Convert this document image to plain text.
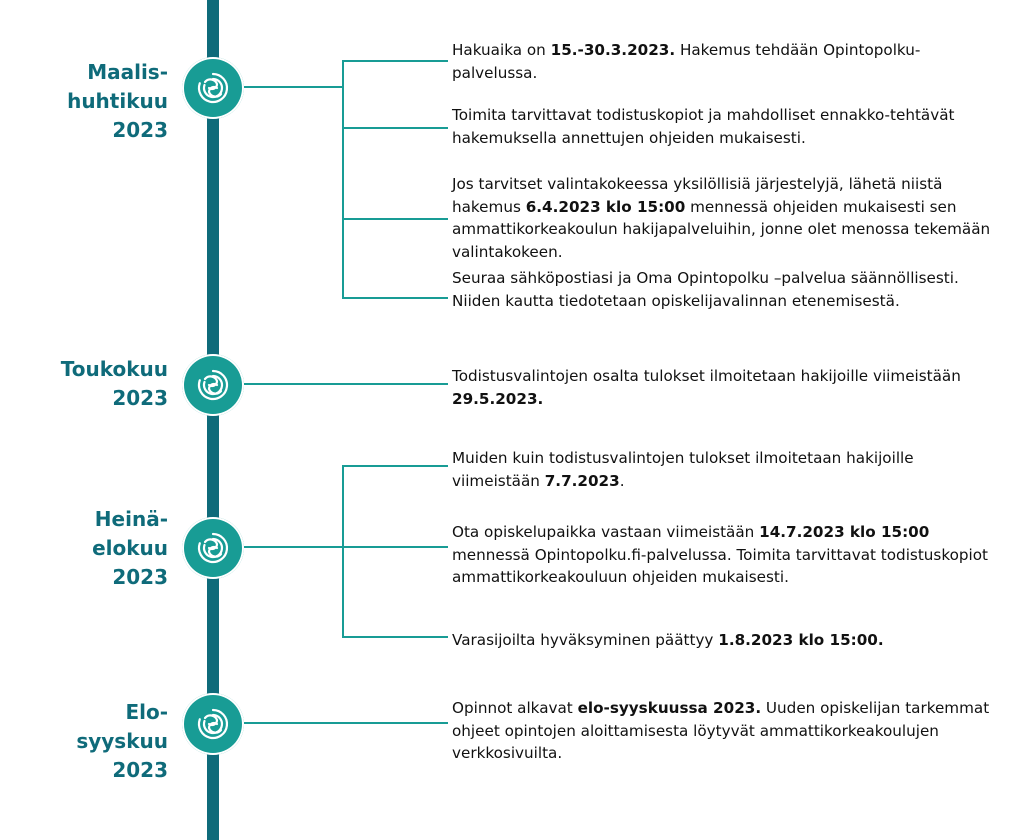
Maalis-
huhtikuu
2023
Hakuaika on 15.-30.3.2023. Hakemus tehdään Opintopolku-palvelussa.
Toimita tarvittavat todistuskopiot ja mahdolliset ennakko-tehtävät hakemuksella annettujen ohjeiden mukaisesti.
Jos tarvitset valintakokeessa yksilöllisiä järjestelyjä, lähetä niistä hakemus 6.4.2023 klo 15:00 mennessä ohjeiden mukaisesti sen ammattikorkeakoulun hakijapalveluihin, jonne olet menossa tekemään valintakokeen.
Seuraa sähköpostiasi ja Oma Opintopolku –palvelua säännöllisesti. Niiden kautta tiedotetaan opiskelijavalinnan etenemisestä.
Toukokuu
2023
Todistusvalintojen osalta tulokset ilmoitetaan hakijoille viimeistään 29.5.2023.
Heinä-
elokuu
2023
Muiden kuin todistusvalintojen tulokset ilmoitetaan hakijoille viimeistään 7.7.2023.
Ota opiskelupaikka vastaan viimeistään 14.7.2023 klo 15:00 mennessä Opintopolku.fi-palvelussa. Toimita tarvittavat todistuskopiot ammattikorkeakouluun ohjeiden mukaisesti.
Varasijoilta hyväksyminen päättyy 1.8.2023 klo 15:00.
Elo-
syyskuu
2023
Opinnot alkavat elo-syyskuussa 2023. Uuden opiskelijan tarkemmat ohjeet opintojen aloittamisesta löytyvät ammattikorkeakoulujen verkkosivuilta.
